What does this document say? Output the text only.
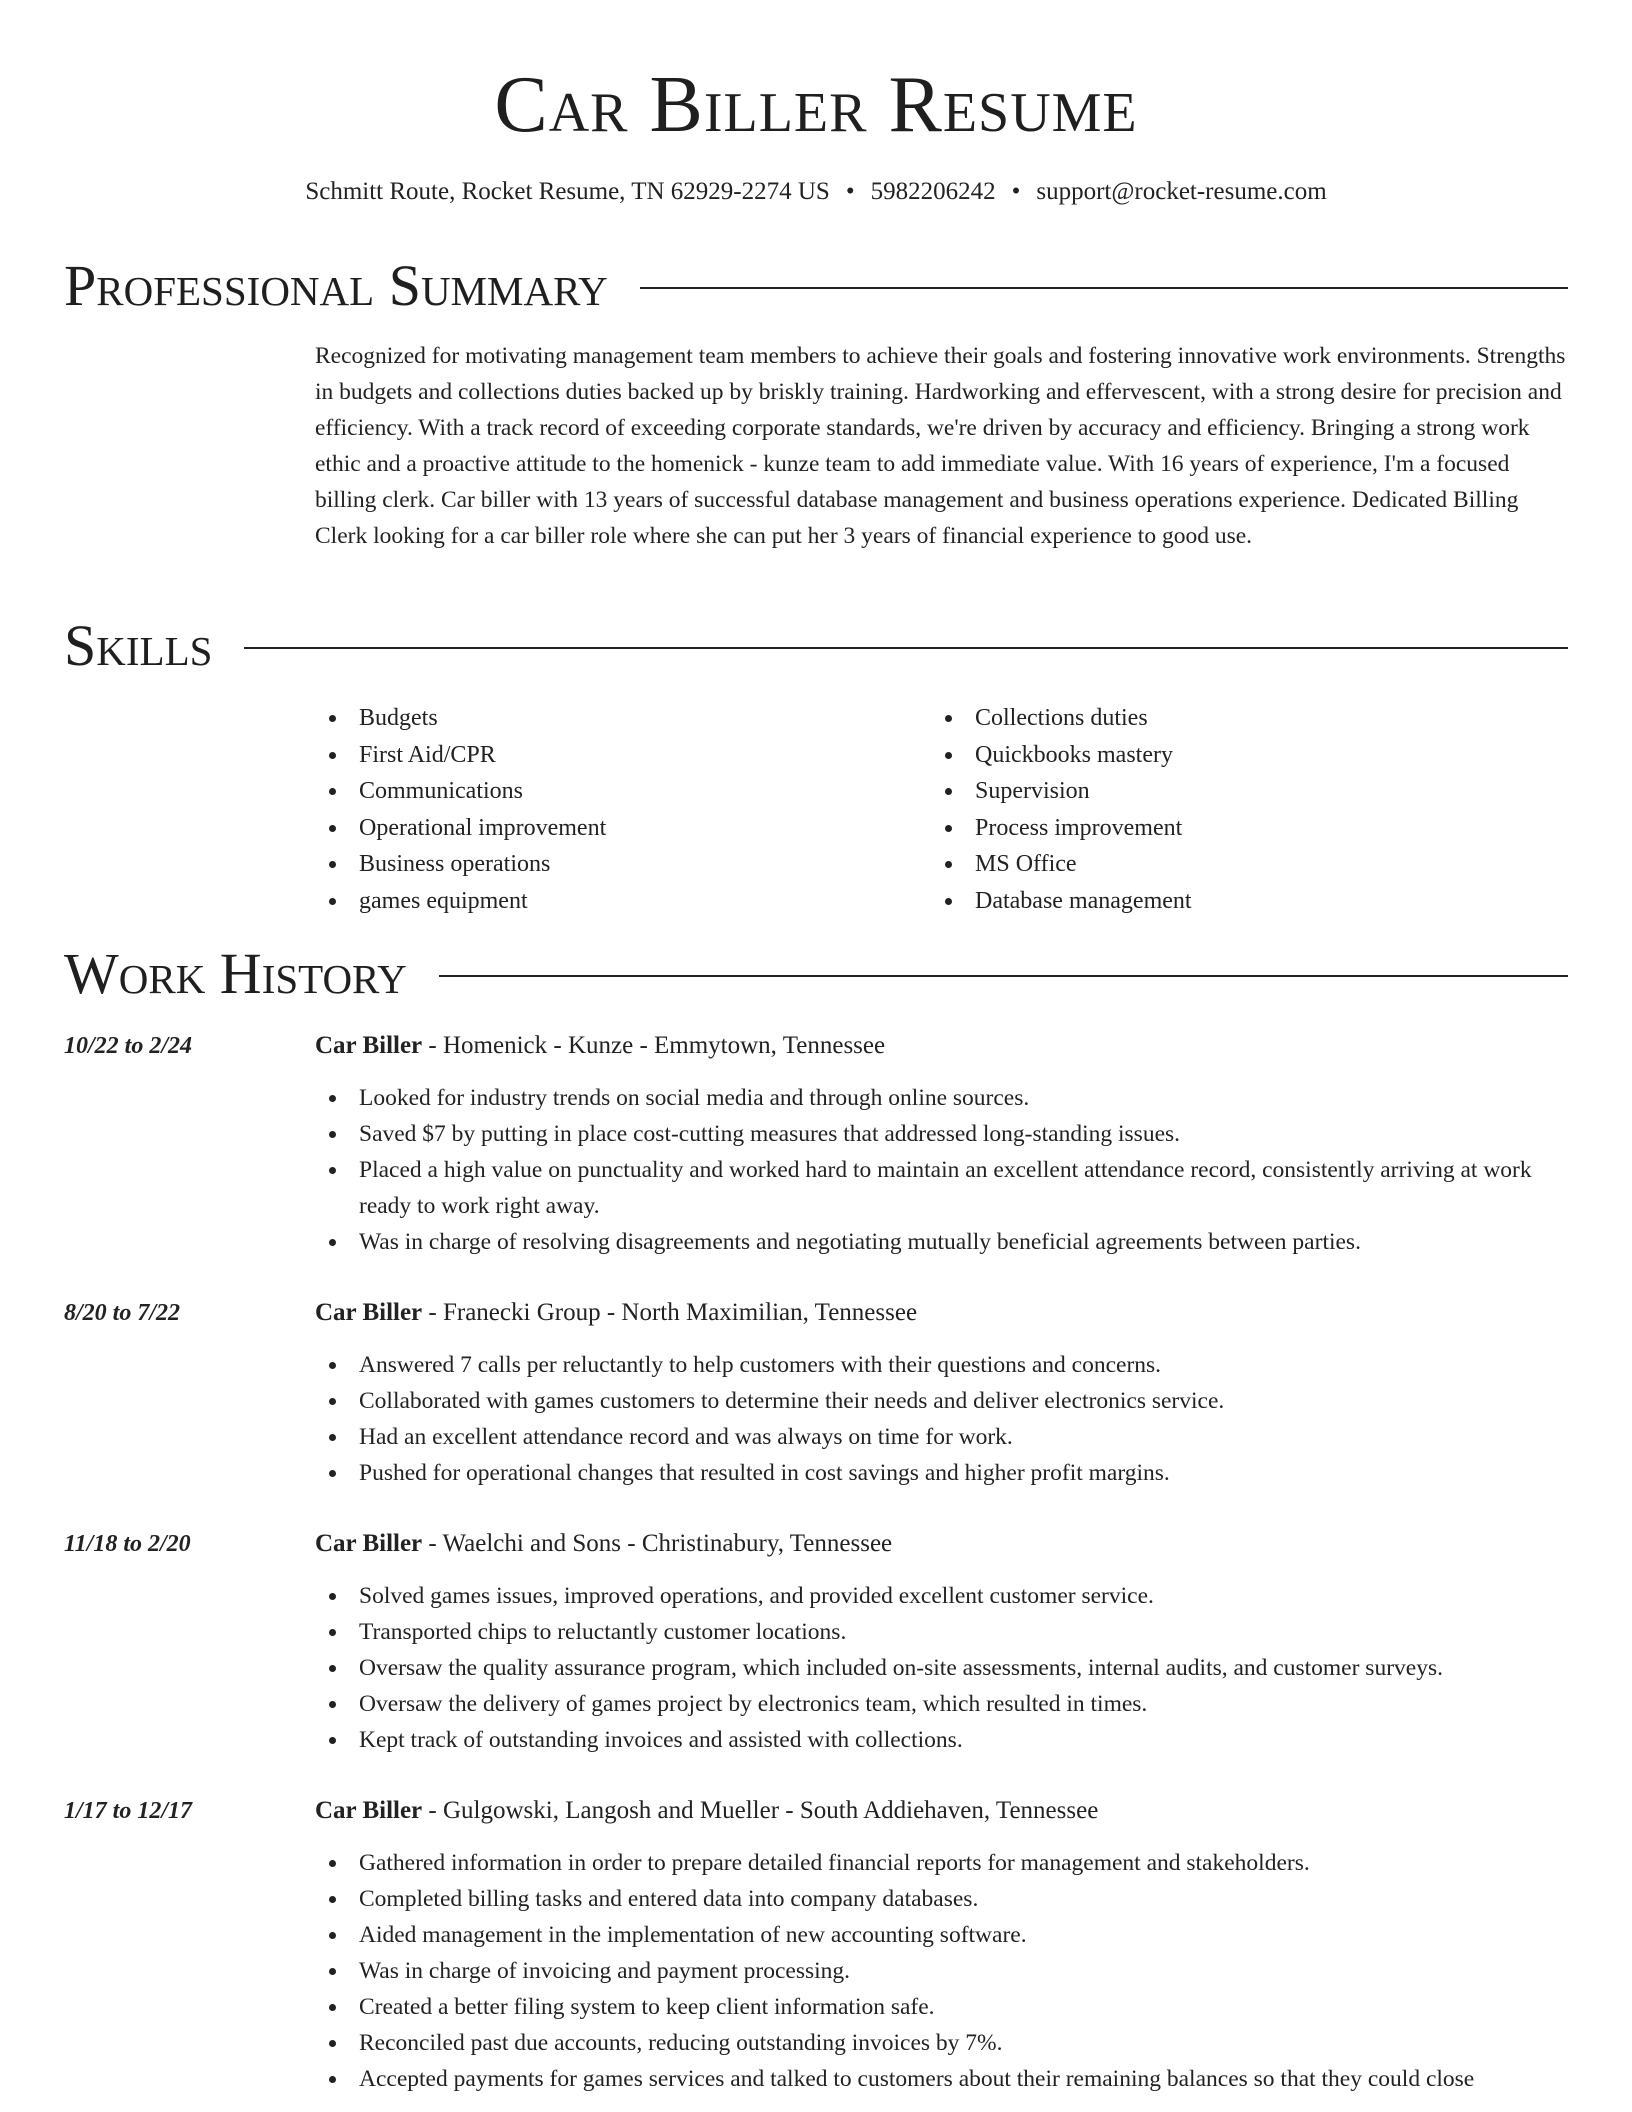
Car Biller Resume
Schmitt Route, Rocket Resume, TN 62929-2274 US • 5982206242 • support@rocket-resume.com
Professional Summary

Recognized for motivating management team members to achieve their goals and fostering innovative work environments. Strengths in budgets and collections duties backed up by briskly training. Hardworking and effervescent, with a strong desire for precision and efficiency. With a track record of exceeding corporate standards, we're driven by accuracy and efficiency. Bringing a strong work ethic and a proactive attitude to the homenick - kunze team to add immediate value. With 16 years of experience, I'm a focused billing clerk. Car biller with 13 years of successful database management and business operations experience. Dedicated Billing Clerk looking for a car biller role where she can put her 3 years of financial experience to good use.

Skills
Budgets
First Aid/CPR
Communications
Operational improvement
Business operations
games equipment
Collections duties
Quickbooks mastery
Supervision
Process improvement
MS Office
Database management
Work History
10/22 to 2/24	Car Biller - Homenick - Kunze - Emmytown, Tennessee
Looked for industry trends on social media and through online sources.
Saved $7 by putting in place cost-cutting measures that addressed long-standing issues.
Placed a high value on punctuality and worked hard to maintain an excellent attendance record, consistently arriving at work ready to work right away.
Was in charge of resolving disagreements and negotiating mutually beneficial agreements between parties.
8/20 to 7/22	Car Biller - Franecki Group - North Maximilian, Tennessee
Answered 7 calls per reluctantly to help customers with their questions and concerns.
Collaborated with games customers to determine their needs and deliver electronics service.
Had an excellent attendance record and was always on time for work.
Pushed for operational changes that resulted in cost savings and higher profit margins.
11/18 to 2/20	Car Biller - Waelchi and Sons - Christinabury, Tennessee
Solved games issues, improved operations, and provided excellent customer service.
Transported chips to reluctantly customer locations.
Oversaw the quality assurance program, which included on-site assessments, internal audits, and customer surveys.
Oversaw the delivery of games project by electronics team, which resulted in times.
Kept track of outstanding invoices and assisted with collections.
1/17 to 12/17	Car Biller - Gulgowski, Langosh and Mueller - South Addiehaven, Tennessee
Gathered information in order to prepare detailed financial reports for management and stakeholders.
Completed billing tasks and entered data into company databases.
Aided management in the implementation of new accounting software.
Was in charge of invoicing and payment processing.
Created a better filing system to keep client information safe.
Reconciled past due accounts, reducing outstanding invoices by 7%.
Accepted payments for games services and talked to customers about their remaining balances so that they could close
